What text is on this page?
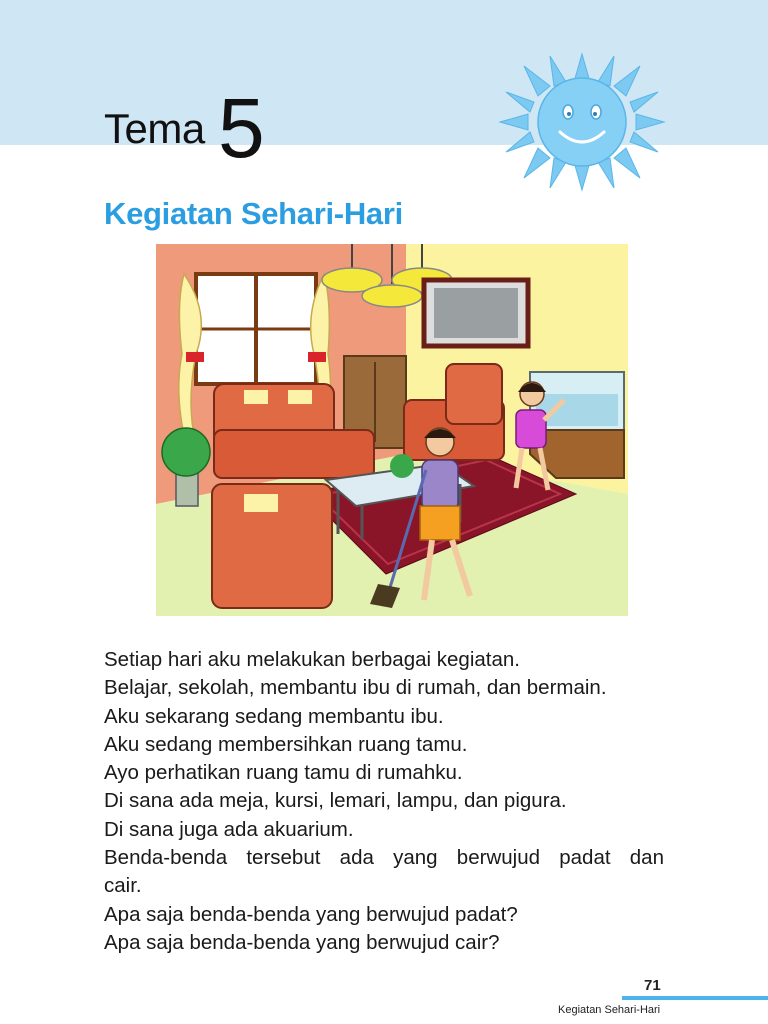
Tema 5
Kegiatan Sehari-Hari
Setiap hari aku melakukan berbagai kegiatan.
Belajar, sekolah, membantu ibu di rumah, dan bermain.
Aku sekarang sedang membantu ibu.
Aku sedang membersihkan ruang tamu.
Ayo perhatikan ruang tamu di rumahku.
Di sana ada meja, kursi, lemari, lampu, dan pigura.
Di sana juga ada akuarium.
Benda-benda tersebut ada yang berwujud padat dan
cair.
Apa saja benda-benda yang berwujud padat?
Apa saja benda-benda yang berwujud cair?
71
Kegiatan Sehari-Hari
